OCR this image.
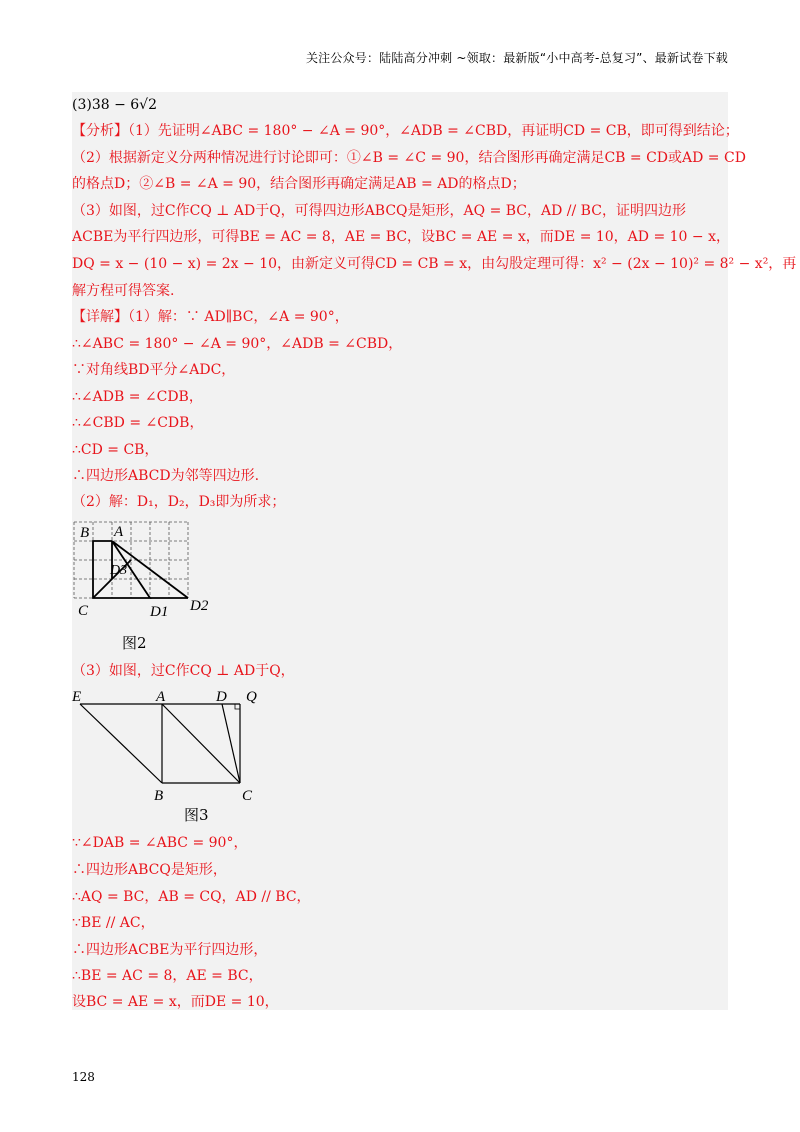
关注公众号：陆陆高分冲刺 ~领取：最新版“小中高考-总复习”、最新试卷下载
(3)38 − 6√2
【分析】（1）先证明∠ABC = 180° − ∠A = 90°，∠ADB = ∠CBD，再证明CD = CB，即可得到结论；
（2）根据新定义分两种情况进行讨论即可：①∠B = ∠C = 90，结合图形再确定满足CB = CD或AD = CD
的格点D；②∠B = ∠A = 90，结合图形再确定满足AB = AD的格点D；
（3）如图，过C作CQ ⊥ AD于Q，可得四边形ABCQ是矩形，AQ = BC，AD // BC，证明四边形
ACBE为平行四边形，可得BE = AC = 8，AE = BC，设BC = AE = x，而DE = 10，AD = 10 − x，
DQ = x − (10 − x) = 2x − 10，由新定义可得CD = CB = x，由勾股定理可得：x² − (2x − 10)² = 8² − x²，再
解方程可得答案.
【详解】（1）解：∵ AD∥BC，∠A = 90°，
∴∠ABC = 180° − ∠A = 90°，∠ADB = ∠CBD，
∵对角线BD平分∠ADC，
∴∠ADB = ∠CDB，
∴∠CBD = ∠CDB，
∴CD = CB，
∴四边形ABCD为邻等四边形.
（2）解：D₁，D₂，D₃即为所求；
B A
D3
C	D1 D2
图2
（3）如图，过C作CQ ⊥ AD于Q，
E	A	D Q
B	C
图3
∵∠DAB = ∠ABC = 90°，
∴四边形ABCQ是矩形，
∴AQ = BC，AB = CQ，AD // BC，
∵BE // AC，
∴四边形ACBE为平行四边形，
∴BE = AC = 8，AE = BC，
设BC = AE = x，而DE = 10，
128
